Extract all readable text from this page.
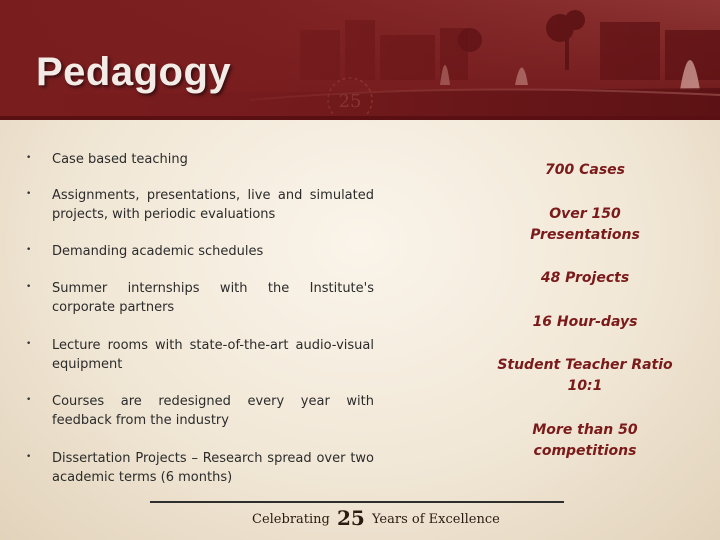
Pedagogy
• Case based teaching
• Assignments, presentations, live and simulated projects, with periodic evaluations
• Demanding academic schedules
• Summer internships with the Institute's corporate partners
• Lecture rooms with state-of-the-art audio-visual equipment
• Courses are redesigned every year with feedback from the industry
• Dissertation Projects – Research spread over two academic terms (6 months)
700 Cases
Over 150 Presentations
48 Projects
16 Hour-days
Student Teacher Ratio 10:1
More than 50 competitions
Celebrating 25 Years of Excellence
